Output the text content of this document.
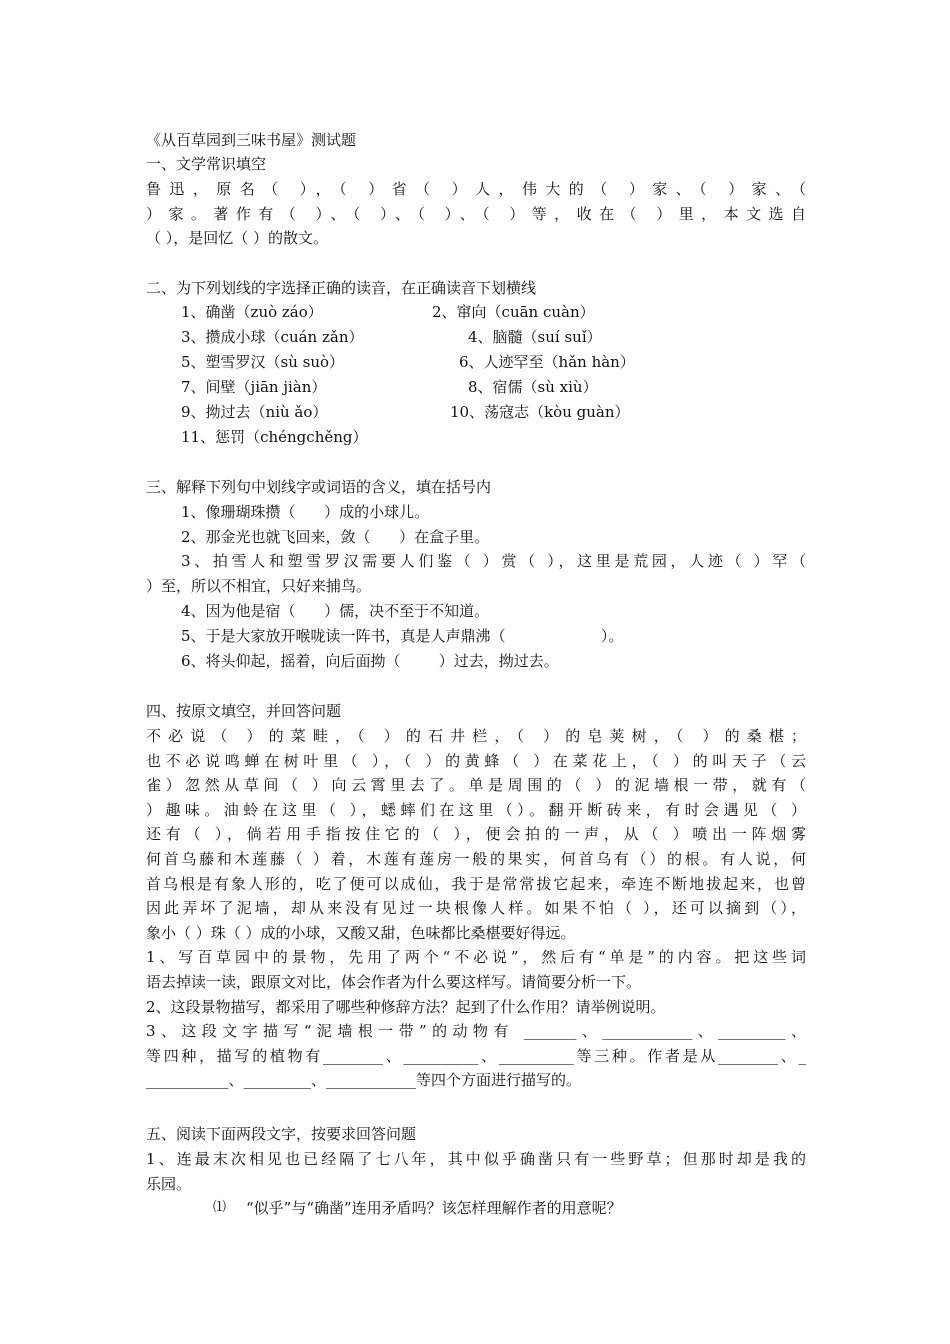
《从百草园到三味书屋》测试题
一、文学常识填空
鲁迅，原名（ ），（ ）省（ ）人，伟大的（ ）家、（ ）家、（
）家。著作有（ ）、（ ）、（ ）、（ ）等，收在（ ）里，本文选自
（ ），是回忆（ ）的散文。
二、为下列划线的字选择正确的读音，在正确读音下划横线
1、确凿（zuò záo）
3、攒成小球（cuán zǎn）
5、塑雪罗汉（sù suò）
7、间壁（jiān jiàn）
9、拗过去（niù ǎo）
11、惩罚（chéngchěng）
2、窜向（cuān cuàn）
4、脑髓（suí suǐ）
6、人迹罕至（hǎn hàn）
8、宿儒（sù xiù）
10、荡寇志（kòu guàn）
三、解释下列句中划线字或词语的含义，填在括号内
1、像珊瑚珠攒（      ）成的小球儿。
2、那金光也就飞回来，敛（      ）在盒子里。
3、拍雪人和塑雪罗汉需要人们鉴（ ）赏（ ），这里是荒园，人迹（ ）罕（
）至，所以不相宜，只好来捕鸟。
4、因为他是宿（      ）儒，决不至于不知道。
5、于是大家放开喉咙读一阵书，真是人声鼎沸（                    ）。
6、将头仰起，摇着，向后面拗（        ）过去，拗过去。
四、按原文填空，并回答问题
不必说（ ）的菜畦，（ ）的石井栏，（ ）的皂荚树，（ ）的桑椹；
也不必说鸣蝉在树叶里（ ），（ ）的黄蜂（ ）在菜花上，（ ）的叫天子（云
雀）忽然从草间（ ）向云霄里去了。单是周围的（ ）的泥墙根一带，就有（
）趣味。油蛉在这里（ ），蟋蟀们在这里（）。翻开断砖来，有时会遇见（ ）
还有（ ），倘若用手指按住它的（ ），便会拍的一声，从（ ）喷出一阵烟雾
何首乌藤和木莲藤（ ）着，木莲有莲房一般的果实，何首乌有（）的根。有人说，何
首乌根是有象人形的，吃了便可以成仙，我于是常常拔它起来，牵连不断地拔起来，也曾
因此弄坏了泥墙，却从来没有见过一块根像人样。如果不怕（ ），还可以摘到（），
象小（ ）珠（ ）成的小球，又酸又甜，色味都比桑椹要好得远。
1、写百草园中的景物，先用了两个“不必说”，然后有“单是”的内容。把这些词
语去掉读一读，跟原文对比，体会作者为什么要这样写。请简要分析一下。
2、这段景物描写，都采用了哪些种修辞方法？起到了什么作用？请举例说明。
3、这段文字描写“泥墙根一带”的动物有 _______、____________、_________、
等四种，描写的植物有________、__________、__________等三种。作者是从________、_
___________、_________、____________等四个方面进行描写的。
五、阅读下面两段文字，按要求回答问题
1、连最末次相见也已经隔了七八年，其中似乎确凿只有一些野草；但那时却是我的
乐园。
⑴ “似乎”与“确凿”连用矛盾吗？该怎样理解作者的用意呢？
